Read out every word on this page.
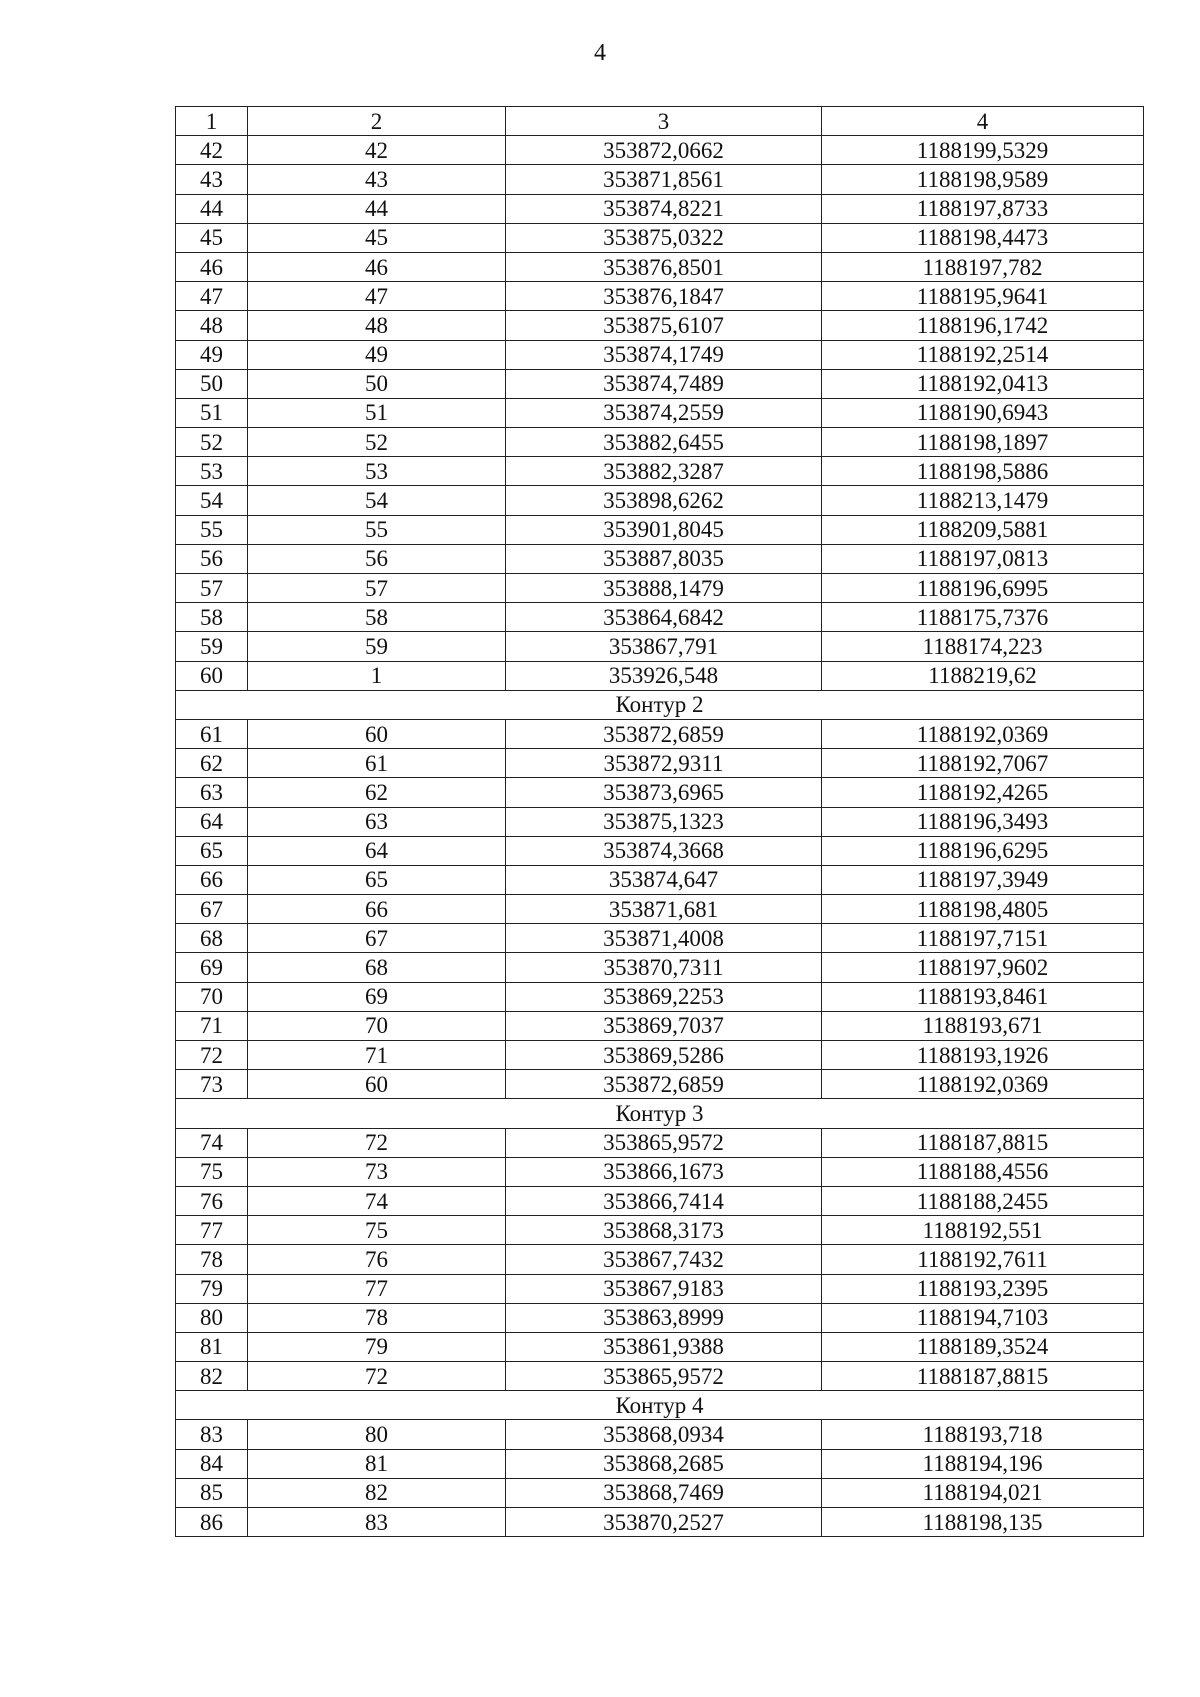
4
1	2	3	4
42	42	353872,0662	1188199,5329
43	43	353871,8561	1188198,9589
44	44	353874,8221	1188197,8733
45	45	353875,0322	1188198,4473
46	46	353876,8501	1188197,782
47	47	353876,1847	1188195,9641
48	48	353875,6107	1188196,1742
49	49	353874,1749	1188192,2514
50	50	353874,7489	1188192,0413
51	51	353874,2559	1188190,6943
52	52	353882,6455	1188198,1897
53	53	353882,3287	1188198,5886
54	54	353898,6262	1188213,1479
55	55	353901,8045	1188209,5881
56	56	353887,8035	1188197,0813
57	57	353888,1479	1188196,6995
58	58	353864,6842	1188175,7376
59	59	353867,791	1188174,223
60	1	353926,548	1188219,62
Контур 2			
61	60	353872,6859	1188192,0369
62	61	353872,9311	1188192,7067
63	62	353873,6965	1188192,4265
64	63	353875,1323	1188196,3493
65	64	353874,3668	1188196,6295
66	65	353874,647	1188197,3949
67	66	353871,681	1188198,4805
68	67	353871,4008	1188197,7151
69	68	353870,7311	1188197,9602
70	69	353869,2253	1188193,8461
71	70	353869,7037	1188193,671
72	71	353869,5286	1188193,1926
73	60	353872,6859	1188192,0369
Контур 3			
74	72	353865,9572	1188187,8815
75	73	353866,1673	1188188,4556
76	74	353866,7414	1188188,2455
77	75	353868,3173	1188192,551
78	76	353867,7432	1188192,7611
79	77	353867,9183	1188193,2395
80	78	353863,8999	1188194,7103
81	79	353861,9388	1188189,3524
82	72	353865,9572	1188187,8815
Контур 4			
83	80	353868,0934	1188193,718
84	81	353868,2685	1188194,196
85	82	353868,7469	1188194,021
86	83	353870,2527	1188198,135
